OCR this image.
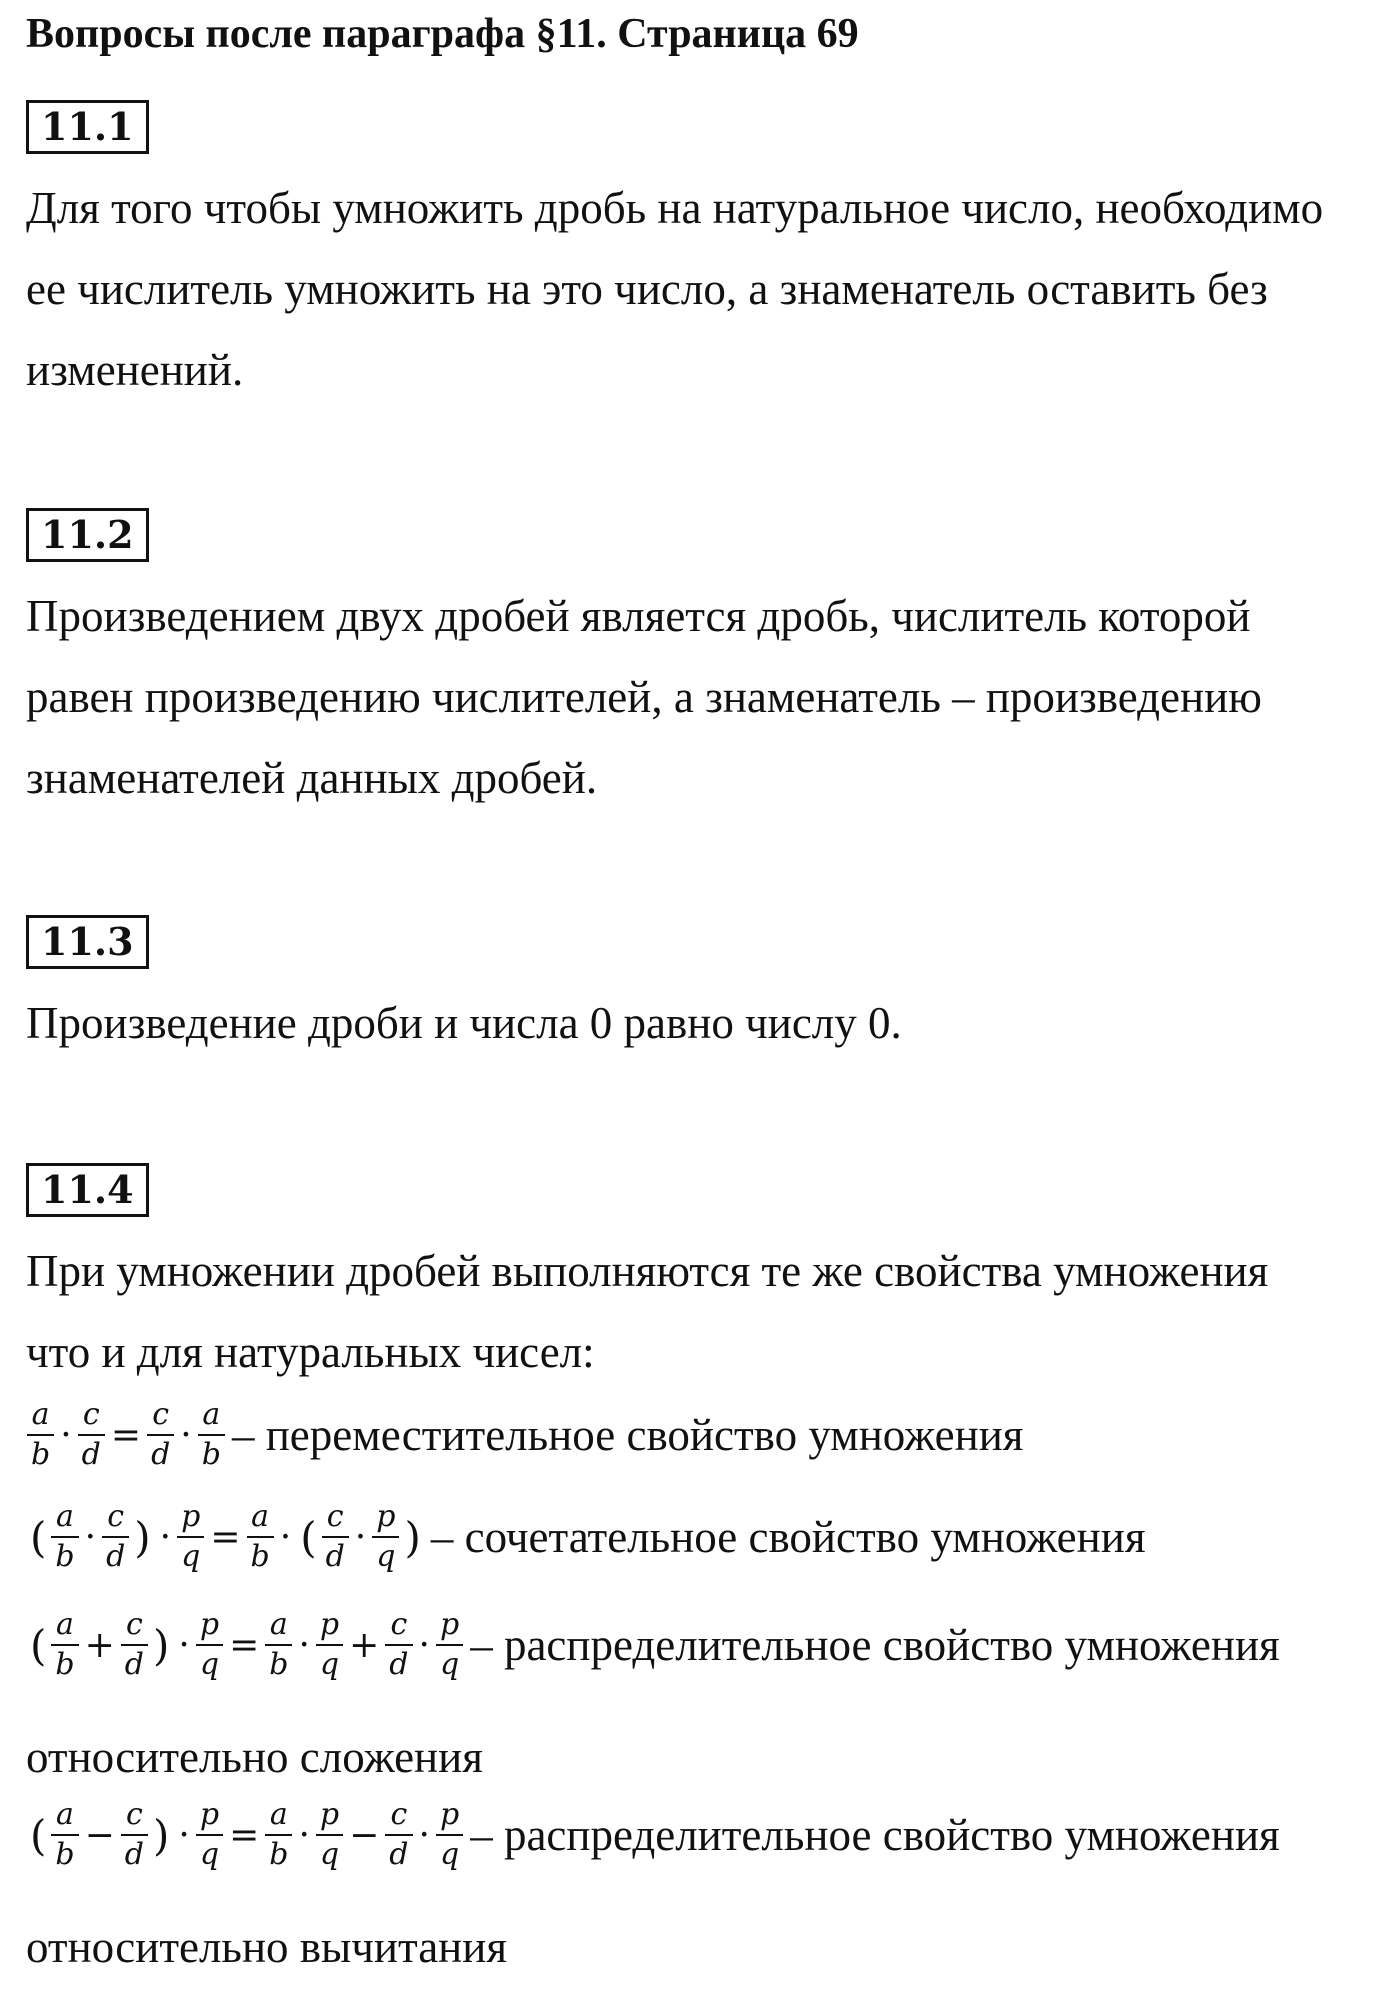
Вопросы после параграфа §11. Страница 69
11.1
Для того чтобы умножить дробь на натуральное число, необходимо
ее числитель умножить на это число, а знаменатель оставить без
изменений.
11.2
Произведением двух дробей является дробь, числитель которой
равен произведению числителей, а знаменатель – произведению
знаменателей данных дробей.
11.3
Произведение дроби и числа 0 равно числу 0.
11.4
При умножении дробей выполняются те же свойства умножения
что и для натуральных чисел:
$\frac{a}{b} \cdot \frac{c}{d} = \frac{c}{d} \cdot \frac{a}{b}$ – переместительное свойство умножения
( $\frac{a}{b} \cdot \frac{c}{d}$ ) · $\frac{p}{q} = \frac{a}{b}$ · ( $\frac{c}{d} \cdot \frac{p}{q}$ ) – сочетательное свойство умножения
( $\frac{a}{b} + \frac{c}{d}$ ) · $\frac{p}{q} = \frac{a}{b} \cdot \frac{p}{q} + \frac{c}{d} \cdot \frac{p}{q}$ – распределительное свойство умножения
относительно сложения
( $\frac{a}{b} - \frac{c}{d}$ ) · $\frac{p}{q} = \frac{a}{b} \cdot \frac{p}{q} - \frac{c}{d} \cdot \frac{p}{q}$ – распределительное свойство умножения
относительно вычитания
